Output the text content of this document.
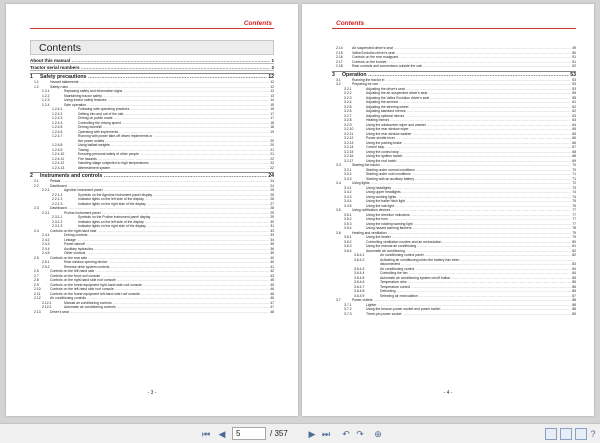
Contents
Contents
About this manual .....	1
Tractor serial numbers .....	2
1	Safety precautions .....	12
1.1	Hazard statements .....	12
1.2	Safety rules .....	12
1.2.1	Replacing safety and information signs .....	12
1.2.2	Maintaining tractor safety .....	13
1.2.3	Using tractor safety features .....	14
1.2.4	Safe operation .....	15
1.2.4.1	Following safe operating practices .....	15
1.2.4.2	Getting into and out of the cab .....	17
1.2.4.3	Driving on public roads .....	17
1.2.4.4	Controlling the driving speed .....	18
1.2.4.5	Driving downhill .....	18
1.2.4.6	Operating with implements .....	19
1.2.4.7	Running with power take-off driven implements or .....
live power outlets .....	20
1.2.4.8	Using ballast weights .....	20
1.2.4.9	Towing .....	21
1.2.4.10	Ensuring personal safety of other people .....	21
1.2.4.11	Fire hazards .....	22
1.2.4.12	Handling silage subjected to high temperatures .....	22
1.2.4.13	Afterreatment system .....	22
2	Instruments and controls .....	24
2.1	Pedals .....	24
2.2	Dashboard .....	24
2.2.1	Agroline instrument panel .....	25
2.2.1.1	Symbols on the Agroline instrument panel display .....	25
2.2.1.2	Indicator lights on the left side of the display .....	26
2.2.1.3	Indicator lights on the right side of the display .....	27
2.3	Dashboard .....	28
2.3.1	Proline instrument panel .....	29
2.3.1.1	Symbols on the Proline instrument panel display .....	29
2.3.1.2	Indicator lights on the left side of the display .....	30
2.3.1.3	Indicator lights on the right side of the display .....	31
2.4	Controls on the right-hand side .....	33
2.4.1	Driving controls .....	33
2.4.2	Linkage .....	34
2.4.3	Power takeoff .....	35
2.4.4	Auxiliary hydraulics .....	36
2.4.5	Other controls .....	39
2.5	Controls on the rear side .....	40
2.5.1	Rear window opening device .....	40
2.5.2	Reverse drive system controls .....	41
2.6	Controls on the left-hand side .....	42
2.7	Controls on the front roof console .....	43
2.8	Controls on the right-hand side roof console .....	45
2.9	Controls on the forest equipment right-hand side roof console .....	45
2.10	Controls on the left-hand side roof console .....	46
2.11	Controls on the forest equipment left-hand side roof console .....	46
2.12	Air conditioning controls .....	46
2.12.1	Manual air conditioning controls .....	47
2.12.2	Automatic air conditioning controls .....	47
2.13	Driver's seat .....	48
- 3 -
Contents
2.14	Air suspended driver's seat .....	49
2.15	Valtra Evolution driver's seat .....	50
2.16	Controls on the rear mudguard .....	51
2.17	Controls on the bonnet .....	51
2.18	Rear controls and connections outside the cab .....	52
3	Operation .....	53
3.1	Running the tractor in .....	53
3.2	Preparing for use .....	53
3.2.1	Adjusting the driver's seat .....	53
3.2.2	Adjusting the air-suspended driver's seat .....	55
3.2.3	Adjusting the Valtra Evolution driver's seat .....	58
3.2.4	Adjusting the armrest .....	61
3.2.5	Adjusting the steering wheel .....	62
3.2.6	Adjusting standard mirrors .....	62
3.2.7	Adjusting optional mirrors .....	63
3.2.8	Heating mirrors .....	63
3.2.9	Using the windscreen wiper and washer .....	64
3.2.10	Using the rear window wiper .....	65
3.2.11	Using the rear window washer .....	65
3.2.12	Power shuttle lever .....	66
3.2.13	Using the parking brake .....	66
3.2.14	Control stop .....	67
3.2.15	Using the control stop .....	68
3.2.16	Using the ignition switch .....	68
3.2.17	Using the roof hatch .....	69
3.3	Starting the tractor .....	70
3.3.1	Starting under normal conditions .....	70
3.3.2	Starting under cold conditions .....	71
3.3.3	Starting with an auxiliary battery .....	71
3.4	Using lights .....	72
3.4.1	Using headlights .....	73
3.4.2	Using upper headlights .....	74
3.4.3	Using working lights .....	74
3.4.4	Using the trailer hitch light .....	75
3.4.5	Using the cab light .....	75
3.5	Using notification devices .....	77
3.5.1	Using the direction indicators .....	77
3.5.2	Using the horn .....	77
3.5.3	Using the rotating warning light .....	77
3.5.4	Using hazard warning flashers .....	78
3.6	Heating and ventilation .....	79
3.6.1	Using the heater .....	79
3.6.2	Controlling ventilation nozzles and air recirculation .....	80
3.6.3	Using the manual air conditioning .....	81
3.6.4	Automatic air conditioning .....	82
3.6.4.1	Air conditioning control panel .....	82
3.6.4.2	Activating air conditioning when the battery has been .....
disconnected .....	83
3.6.4.3	Air conditioning control .....	84
3.6.4.4	Controlling the fan .....	84
3.6.4.5	Automatic air conditioning system on/off button .....	85
3.6.4.6	Temperature view .....	85
3.6.4.7	Temperature control .....	86
3.6.4.8	Defrosting .....	86
3.6.4.9	Selecting air recirculation .....	87
3.7	Power outlets .....	88
3.7.1	Lighter .....	88
3.7.2	Using the beacon power socket and power switch .....	88
3.7.3	Three-pin power socket .....	89
- 4 -
⏮ ◀
5	/ 357 ▶ ⏭ ↶ ↷ ⊕	?
